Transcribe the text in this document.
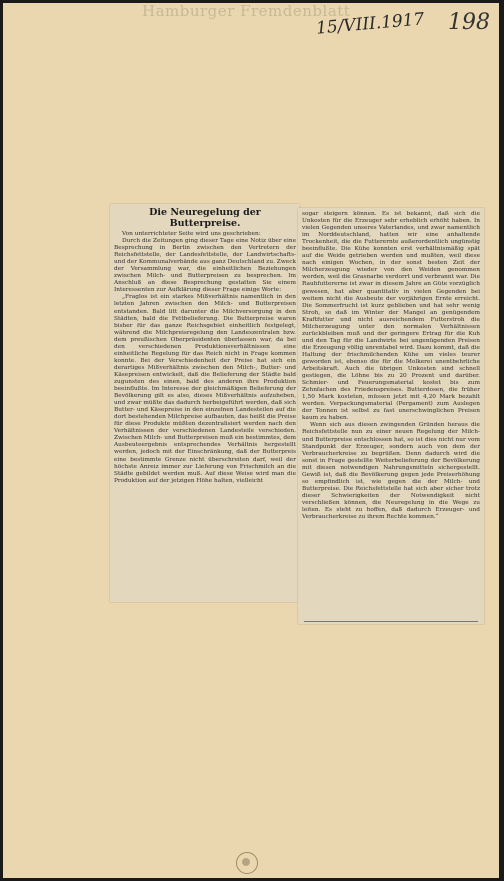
Hamburger Fremdenblatt
15/VIII.1917 198
Die Neuregelung der Butterpreise.

Von unterrichteter Seite wird uns geschrieben:

Durch die Zeitungen ging dieser Tage eine Notiz über eine Besprechung in Berlin zwischen den Vertretern der Reichsfettstelle, der Landesfettstelle, der Landwirtschafts- und der Kommunalverbände aus ganz Deutschland zu. Zweck der Versammlung war, die einheitlichen Beziehungen zwischen Milch- und Butterpreisen zu besprechen. Im Anschluß an diese Besprechung gestatten Sie einem Interessenten zur Aufklärung dieser Frage einige Worte:

„Fraglos ist ein starkes Mißverhältnis namentlich in den letzten Jahren zwischen den Milch- und Butterpreisen entstanden. Bald litt darunter die Milchversorgung in den Städten, bald die Fettbelieferung. Die Butterpreise waren bisher für das ganze Reichsgebiet einheitlich festgelegt, während die Milchpreisregelung den Landeszentralen bzw. dem preußischen Oberpräsidenten überlassen war, da bei den verschiedenen Produktionsverhältnissen eine einheitliche Regelung für das Reich nicht in Frage kommen konnte. Bei der Verschiedenheit der Preise hat sich ein derartiges Mißverhältnis zwischen den Milch-, Butter- und Käsepreisen entwickelt, daß die Belieferung der Städte bald zugunsten des einen, bald des anderen ihre Produktion beeinflußte. Im Interesse der gleichmäßigen Belieferung der Bevölkerung gilt es also, dieses Mißverhältnis aufzuheben, und zwar müßte das dadurch herbeigeführt werden, daß sich Butter- und Käsepreise in den einzelnen Landesteilen auf die dort bestehenden Milchpreise aufbauten, das heißt die Preise für diese Produkte müßten dezentralisiert werden nach den Verhältnissen der verschiedenen Landesteile verschieden. Zwischen Milch- und Butterpreisen muß ein bestimmtes, dem Ausbeuteergebnis entsprechendes Verhältnis hergestellt werden, jedoch mit der Einschränkung, daß der Butterpreis eine bestimmte Grenze nicht überschreiten darf, weil der höchste Anreiz immer zur Lieferung von Frischmilch an die Städte gebildet werden muß. Auf diese Weise wird man die Produktion auf der jetzigen Höhe halten, vielleicht

sogar steigern können. Es ist bekannt, daß sich die Unkosten für die Erzeuger sehr erheblich erhöht haben. In vielen Gegenden unseres Vaterlandes, und zwar namentlich im Norddeutschland, hatten wir eine anhaltende Trockenheit, die die Futterernte außerordentlich ungünstig beeinflußte. Die Kühe konnten erst verhältnismäßig spät auf die Weide getrieben werden und mußten, weil diese nach einigen Wochen, in der sonst besten Zeit der Milcherzeugung wieder von den Weiden genommen werden, weil die Grasnarbe verdorrt und verbrannt war. Die Rauhfuttererne ist zwar in diesem Jahre an Güte vorzüglich gewesen, hat aber quantitativ in vielen Gegenden bei weitem nicht die Ausbeute der vorjährigen Ernte erreicht. Die Sommerfrucht ist kurz geblieben und hat sehr wenig Stroh, so daß im Winter der Mangel an genügendem Kraftfutter und nicht ausreichendem Futterstroh die Milcherzeugung unter den normalen Verhältnissen zurückbleiben muß und der geringere Ertrag für die Kuh und den Tag für die Landwirte bei ungenügenden Preisen die Erzeugung völlig unrentabel wird. Dazu kommt, daß die Haltung der frischmilchenden Kühe um vieles teurer geworden ist, ebenso die für die Molkerei unentbehrliche Arbeitskraft. Auch die übrigen Unkosten sind schnell gestiegen, die Löhne bis zu 20 Prozent und darüber. Schmier- und Feuerungsmaterial kostet bis zum Zehnfachen des Friedenspreises. Butterdosen, die früher 1,50 Mark kosteten, müssen jetzt mit 4,20 Mark bezahlt werden. Verpackungsmaterial (Pergament) zum Auslegen der Tonnen ist selbst zu fast unerschwinglichen Preisen kaum zu haben.

Wenn sich aus diesen zwingenden Gründen heraus die Reichsfettstelle nun zu einer neuen Regelung der Milch- und Butterpreise entschlossen hat, so ist dies nicht nur vom Standpunkt der Erzeuger, sondern auch von dem der Verbraucherkreise zu begrüßen. Denn dadurch wird die sonst in Frage gestellte Weiterbelieferung der Bevölkerung mit diesen notwendigen Nahrungsmitteln sichergestellt. Gewiß ist, daß die Bevölkerung gegen jede Preiserhöhung so empfindlich ist, wie gegen die der Milch- und Butterpreise. Die Reichsfettstelle hat sich aber sicher trotz dieser Schwierigkeiten der Notwendigkeit nicht verschließen können, die Neuregelung in die Wege zu leiten. Es steht zu hoffen, daß dadurch Erzeuger- und Verbraucherkreise zu ihrem Rechte kommen.“
